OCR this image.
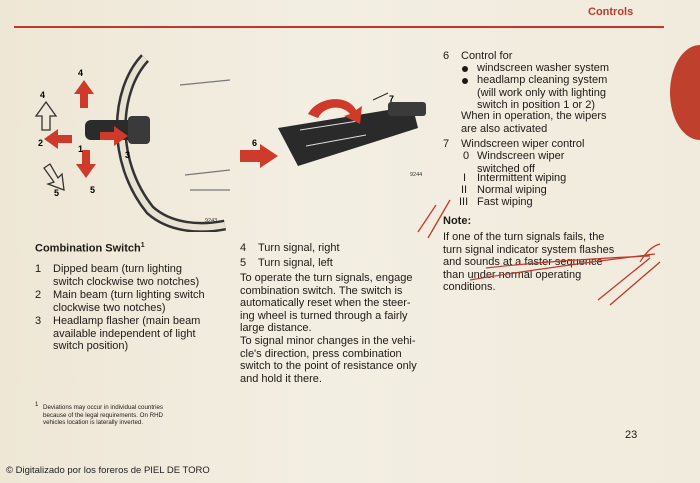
Controls
4
4
2
1
3
5	5
9243
6
7
9244
Combination Switch$^1$
1 Dipped beam (turn lighting
switch clockwise two notches)
2 Main beam (turn lighting switch
clockwise two notches)
3 Headlamp flasher (main beam
available independent of light
switch position)
1 Deviations may occur in individual countries
because of the legal requirements. On RHD
vehicles location is laterally inverted.
4 Turn signal, right
5 Turn signal, left
To operate the turn signals, engage
combination switch. The switch is
automatically reset when the steer-
ing wheel is turned through a fairly
large distance.
To signal minor changes in the vehi-
cle's direction, press combination
switch to the point of resistance only
and hold it there.
6 Control for
windscreen washer system
headlamp cleaning system
(will work only with lighting
switch in position 1 or 2)
When in operation, the wipers
are also activated
7 Windscreen wiper control
0 Windscreen wiper
switched off
I Intermittent wiping
II Normal wiping
III Fast wiping
Note:
If one of the turn signals fails, the
turn signal indicator system flashes
and sounds at a faster sequence
than under normal operating
conditions.
23
© Digitalizado por los foreros de PIEL DE TORO
